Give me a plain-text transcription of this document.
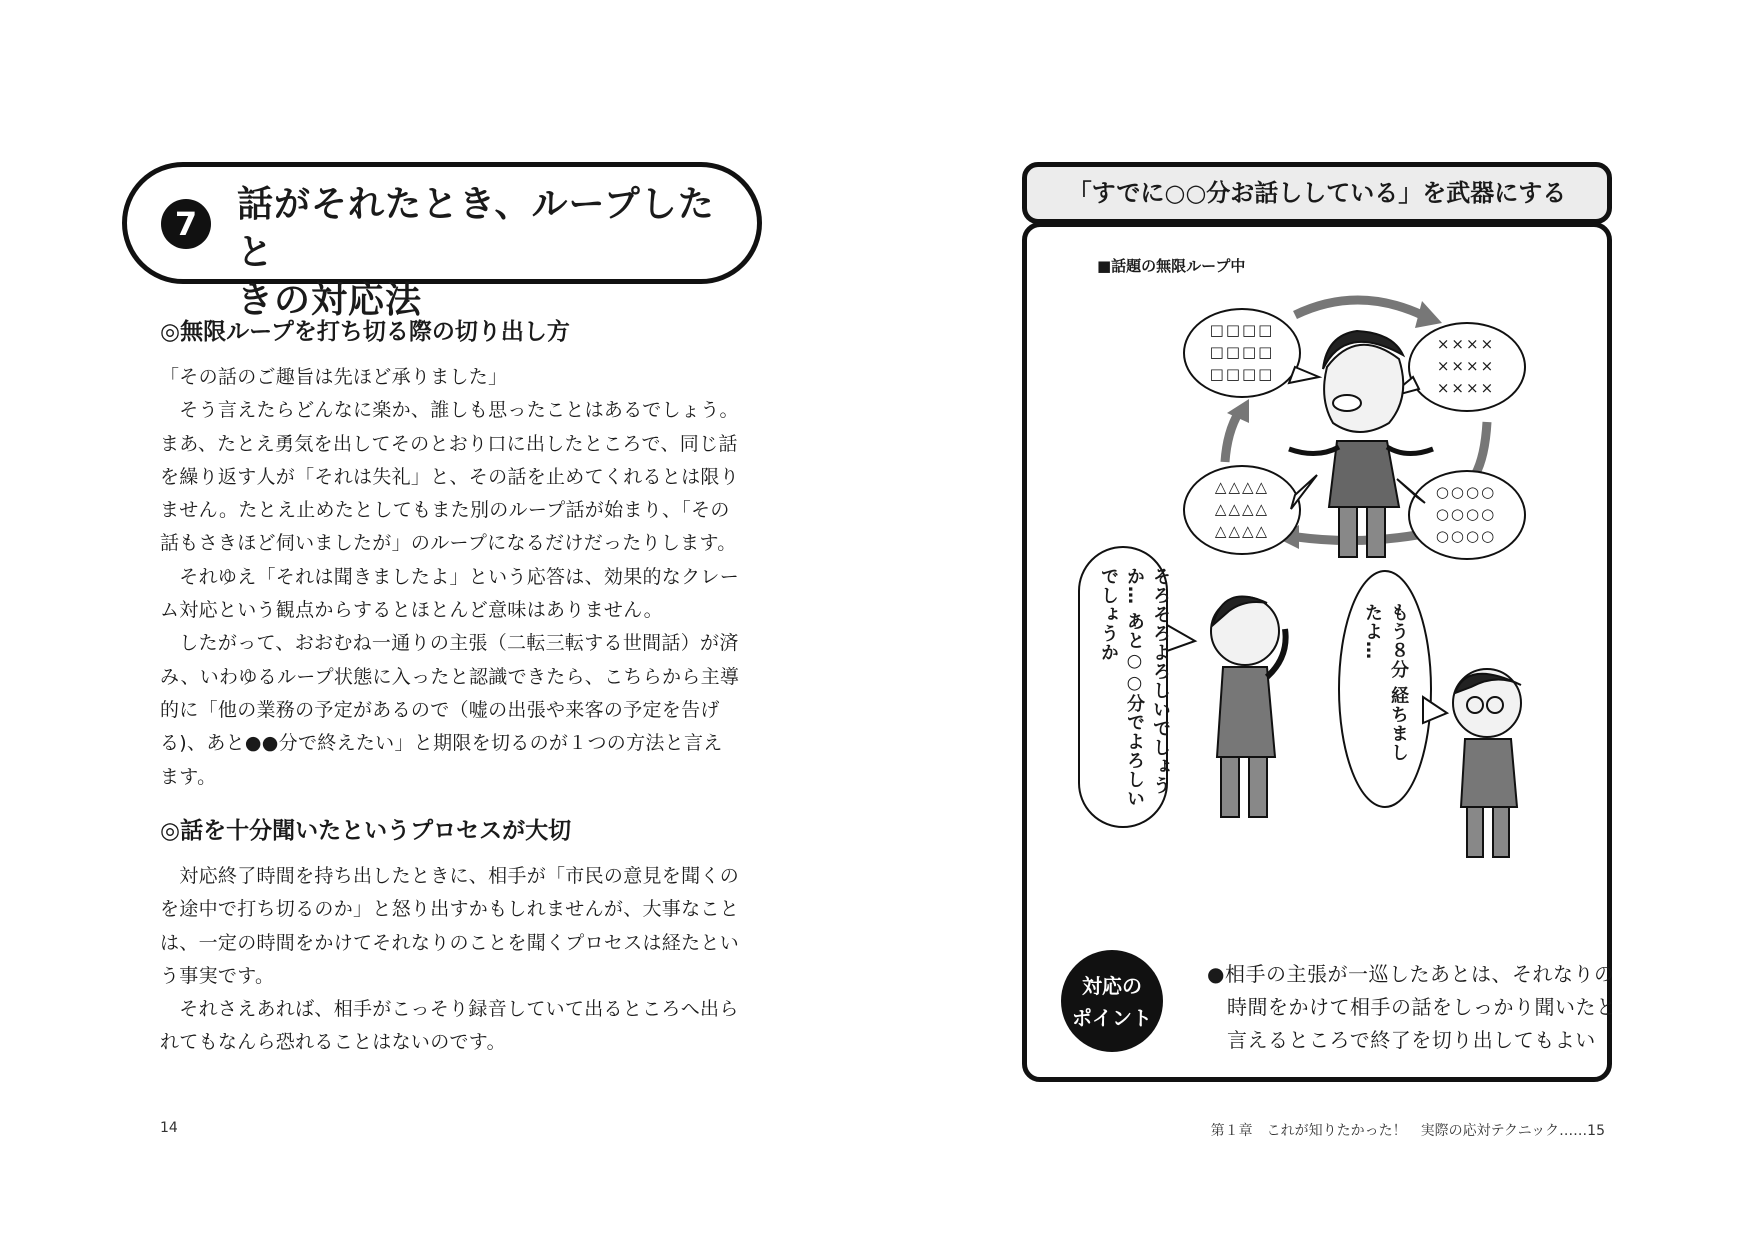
7	話がそれたとき、ループしたと
きの対応法
◎無限ループを打ち切る際の切り出し方

「その話のご趣旨は先ほど承りました」

　そう言えたらどんなに楽か、誰しも思ったことはあるでしょう。

まあ、たとえ勇気を出してそのとおり口に出したところで、同じ話

を繰り返す人が「それは失礼」と、その話を止めてくれるとは限り

ません。たとえ止めたとしてもまた別のループ話が始まり、「その

話もさきほど伺いましたが」のループになるだけだったりします。

　それゆえ「それは聞きましたよ」という応答は、効果的なクレー

ム対応という観点からするとほとんど意味はありません。

　したがって、おおむね一通りの主張（二転三転する世間話）が済

み、いわゆるループ状態に入ったと認識できたら、こちらから主導

的に「他の業務の予定があるので（嘘の出張や来客の予定を告げ

る)、あと●●分で終えたい」と期限を切るのが１つの方法と言え

ます。

◎話を十分聞いたというプロセスが大切

　対応終了時間を持ち出したときに、相手が「市民の意見を聞くの

を途中で打ち切るのか」と怒り出すかもしれませんが、大事なこと

は、一定の時間をかけてそれなりのことを聞くプロセスは経たとい

う事実です。

　それさえあれば、相手がこっそり録音していて出るところへ出ら

れてもなんら恐れることはないのです。

14
「すでに○○分お話ししている」を武器にする
■話題の無限ループ中
□□□□
□□□□
□□□□
××××
××××
××××
△△△△
△△△△
△△△△
○○○○
○○○○
○○○○
そろそろよろしいでしょうか… あと○○分でよろしいでしょうか	もう８分 経ちましたよ…
対応の
ポイント

●相手の主張が一巡したあとは、それなりの

時間をかけて相手の話をしっかり聞いたと

言えるところで終了を切り出してもよい

第１章　これが知りたかった！　実際の応対テクニック……15
